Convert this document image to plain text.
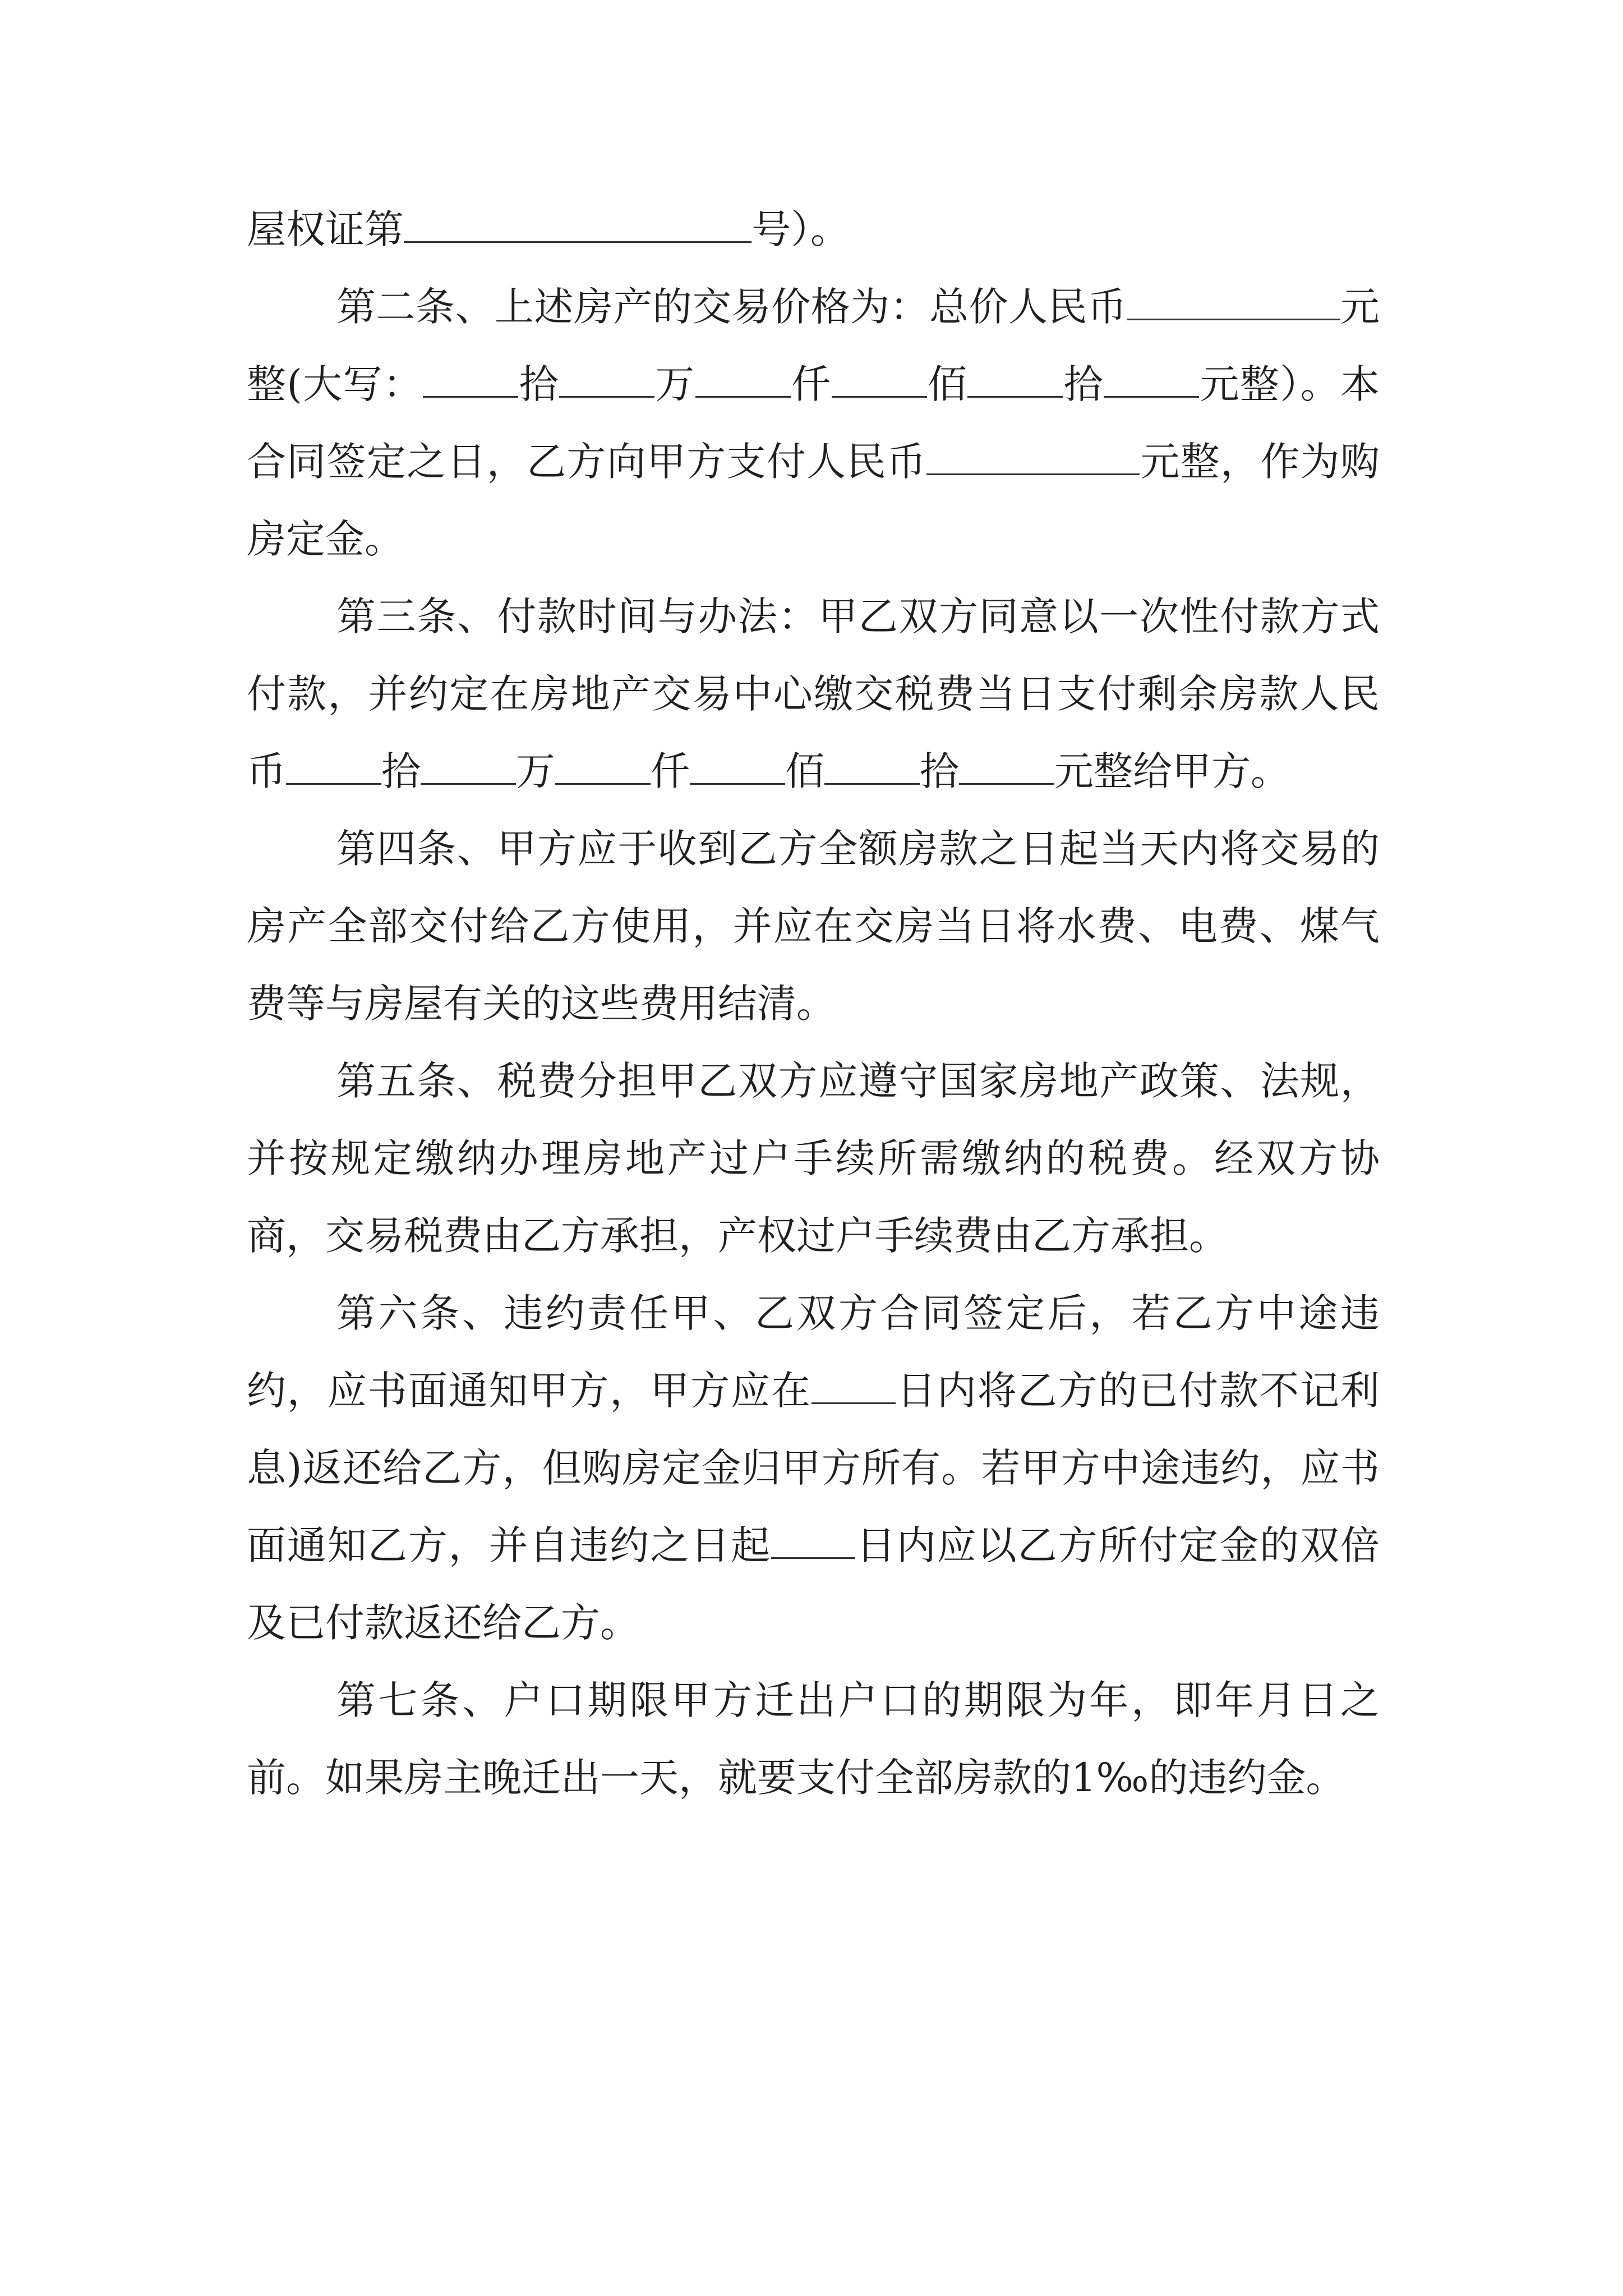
屋权证第	号）。

第二条、上述房产的交易价格为：总价人民币	元整(大写： 拾 万 仟 佰 拾 元整）。本合同签定之日，乙方向甲方支付人民币	元整，作为购房定金。

第三条、付款时间与办法：甲乙双方同意以一次性付款方式付款，并约定在房地产交易中心缴交税费当日支付剩余房款人民币 拾 万 仟 佰 拾 元整给甲方。

第四条、甲方应于收到乙方全额房款之日起当天内将交易的房产全部交付给乙方使用，并应在交房当日将水费、电费、煤气费等与房屋有关的这些费用结清。

第五条、税费分担甲乙双方应遵守国家房地产政策、法规，并按规定缴纳办理房地产过户手续所需缴纳的税费。经双方协商，交易税费由乙方承担，产权过户手续费由乙方承担。

第六条、违约责任甲、乙双方合同签定后，若乙方中途违约，应书面通知甲方，甲方应在 日内将乙方的已付款不记利息)返还给乙方，但购房定金归甲方所有。若甲方中途违约，应书面通知乙方，并自违约之日起 日内应以乙方所付定金的双倍及已付款返还给乙方。

第七条、户口期限甲方迁出户口的期限为年，即年月日之前。如果房主晚迁出一天，就要支付全部房款的1‰的违约金。
